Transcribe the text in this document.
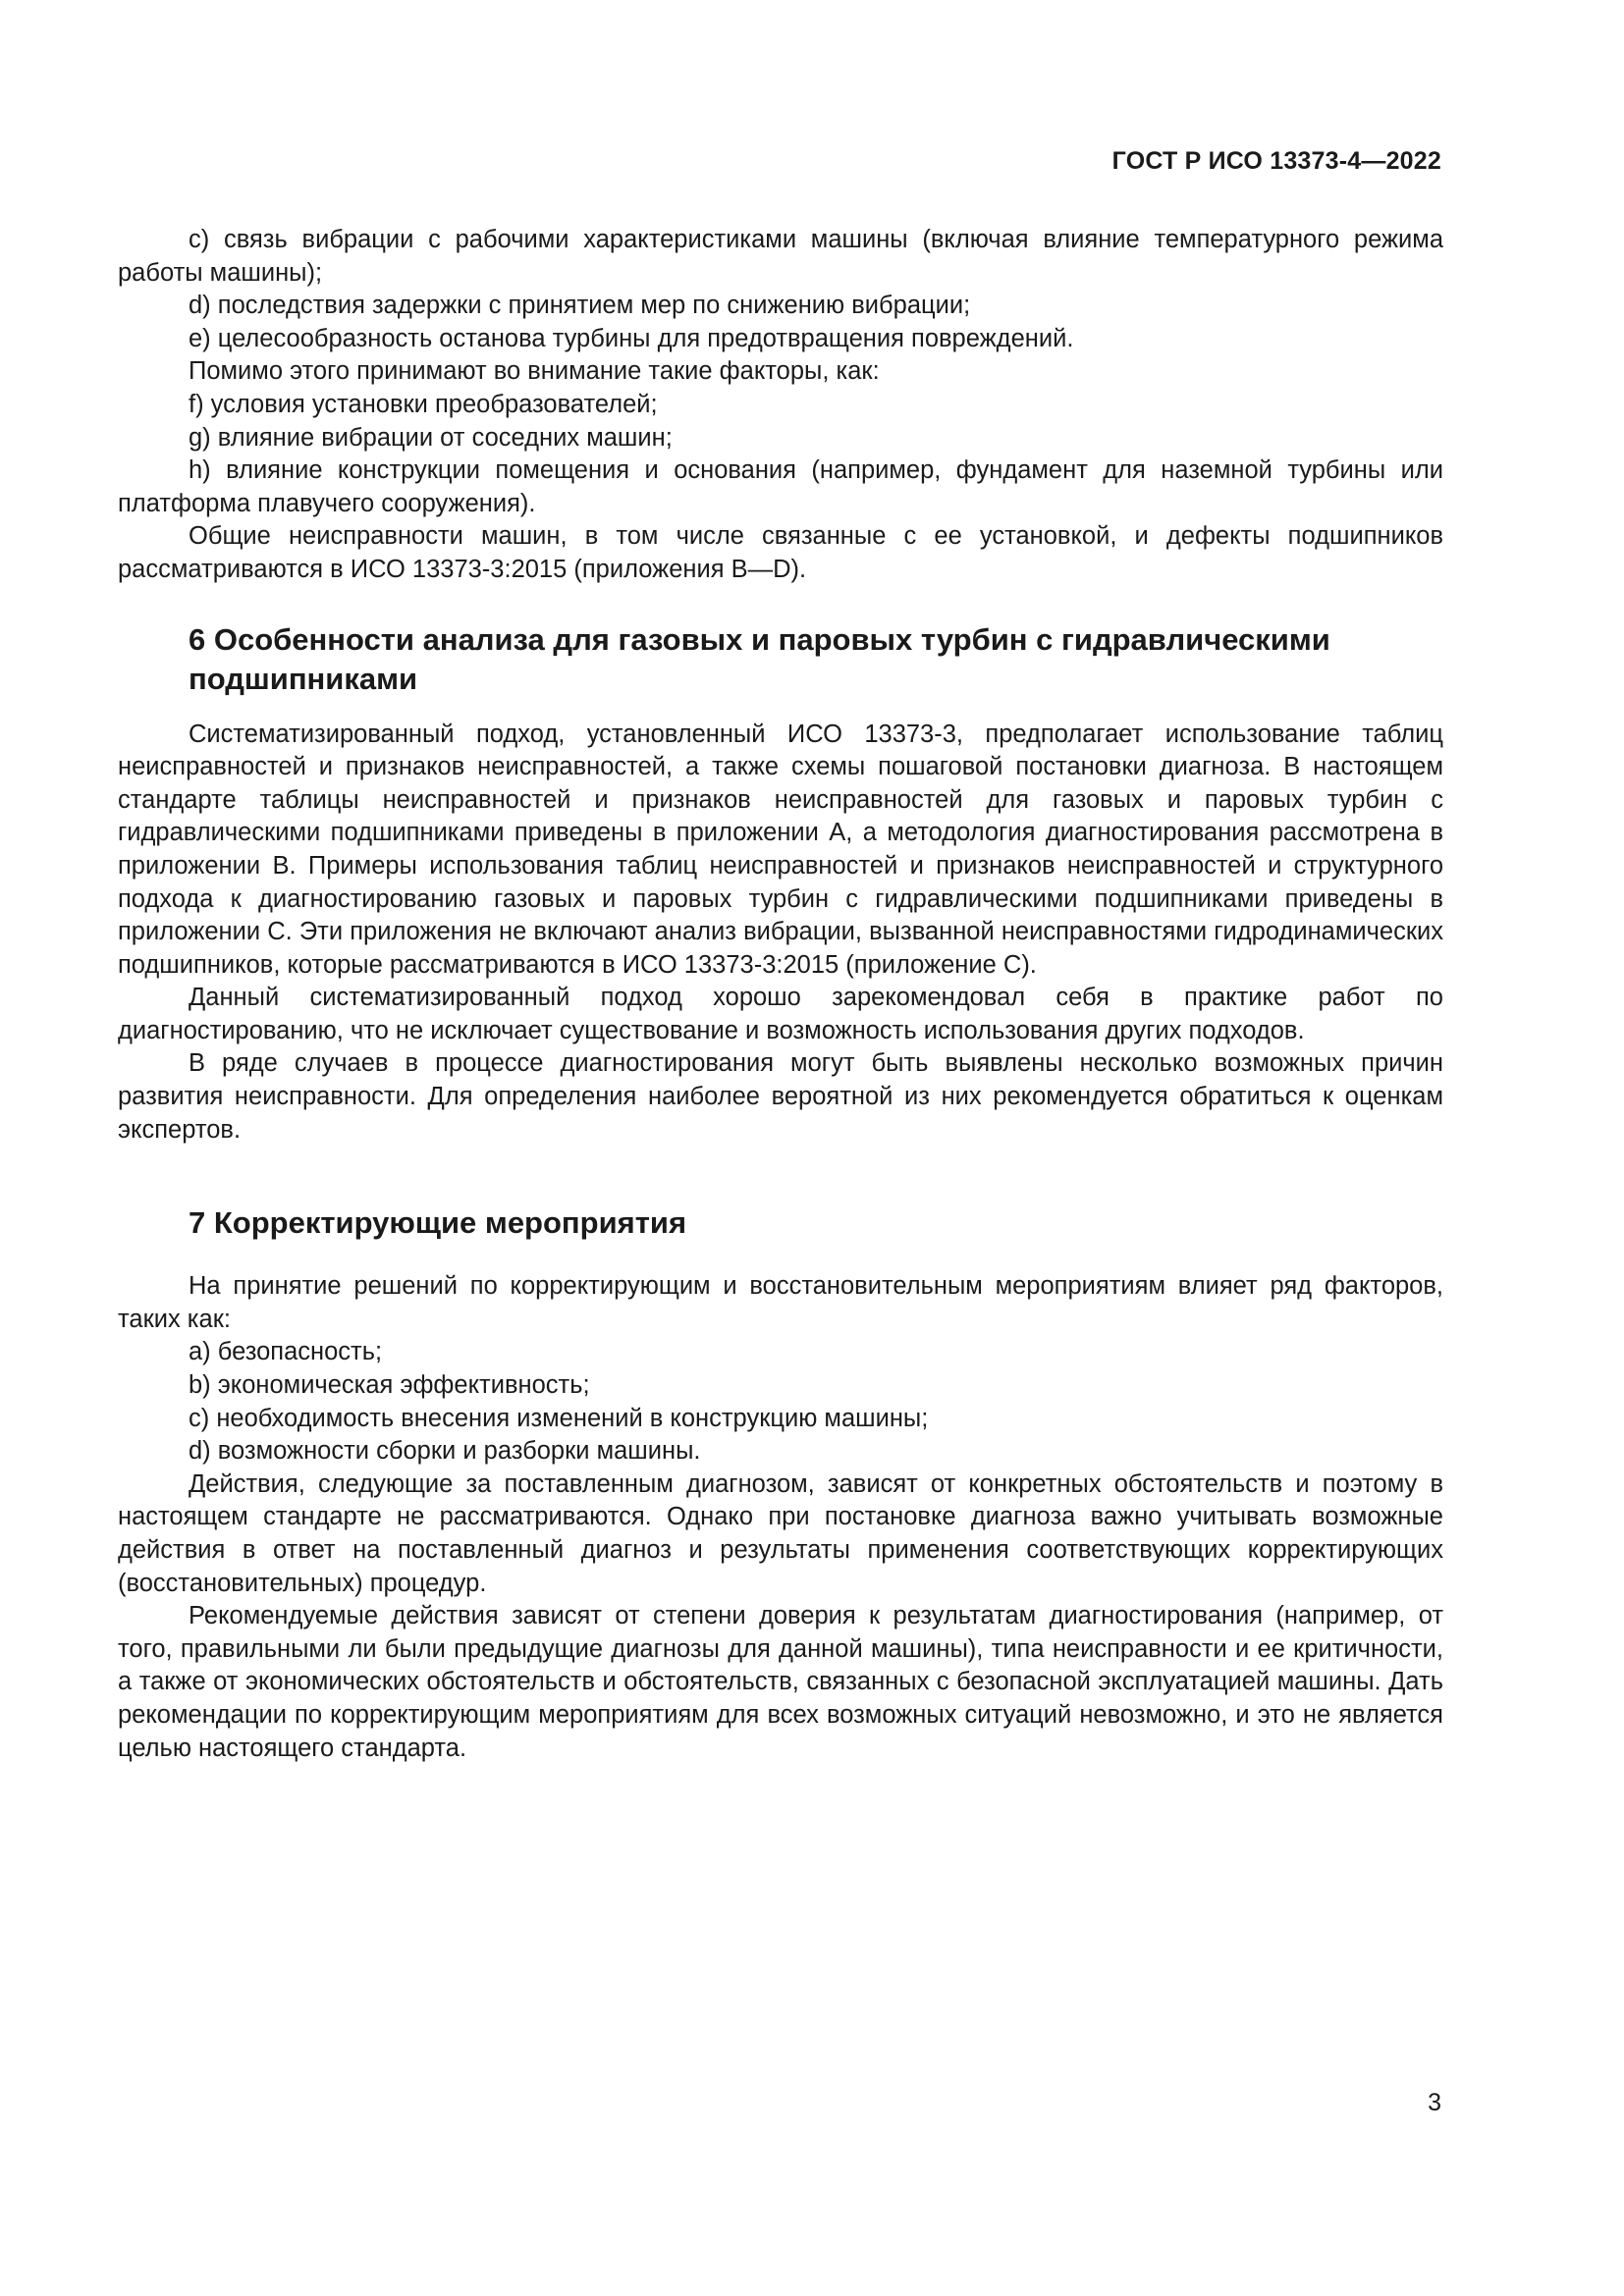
ГОСТ Р ИСО 13373-4—2022

с) связь вибрации с рабочими характеристиками машины (включая влияние температурного режима работы машины);

d) последствия задержки с принятием мер по снижению вибрации;

е) целесообразность останова турбины для предотвращения повреждений.

Помимо этого принимают во внимание такие факторы, как:

f) условия установки преобразователей;

g) влияние вибрации от соседних машин;

h) влияние конструкции помещения и основания (например, фундамент для наземной турбины или платформа плавучего сооружения).

Общие неисправности машин, в том числе связанные с ее установкой, и дефекты подшипников рассматриваются в ИСО 13373-3:2015 (приложения В—D).

6 Особенности анализа для газовых и паровых турбин с гидравлическими подшипниками

Систематизированный подход, установленный ИСО 13373-3, предполагает использование таблиц неисправностей и признаков неисправностей, а также схемы пошаговой постановки диагноза. В настоящем стандарте таблицы неисправностей и признаков неисправностей для газовых и паровых турбин с гидравлическими подшипниками приведены в приложении А, а методология диагностирования рассмотрена в приложении В. Примеры использования таблиц неисправностей и признаков неисправностей и структурного подхода к диагностированию газовых и паровых турбин с гидравлическими подшипниками приведены в приложении С. Эти приложения не включают анализ вибрации, вызванной неисправностями гидродинамических подшипников, которые рассматриваются в ИСО 13373-3:2015 (приложение С).

Данный систематизированный подход хорошо зарекомендовал себя в практике работ по диагностированию, что не исключает существование и возможность использования других подходов.

В ряде случаев в процессе диагностирования могут быть выявлены несколько возможных причин развития неисправности. Для определения наиболее вероятной из них рекомендуется обратиться к оценкам экспертов.

7 Корректирующие мероприятия

На принятие решений по корректирующим и восстановительным мероприятиям влияет ряд факторов, таких как:

a) безопасность;

b) экономическая эффективность;

с) необходимость внесения изменений в конструкцию машины;

d) возможности сборки и разборки машины.

Действия, следующие за поставленным диагнозом, зависят от конкретных обстоятельств и поэтому в настоящем стандарте не рассматриваются. Однако при постановке диагноза важно учитывать возможные действия в ответ на поставленный диагноз и результаты применения соответствующих корректирующих (восстановительных) процедур.

Рекомендуемые действия зависят от степени доверия к результатам диагностирования (например, от того, правильными ли были предыдущие диагнозы для данной машины), типа неисправности и ее критичности, а также от экономических обстоятельств и обстоятельств, связанных с безопасной эксплуатацией машины. Дать рекомендации по корректирующим мероприятиям для всех возможных ситуаций невозможно, и это не является целью настоящего стандарта.

3
